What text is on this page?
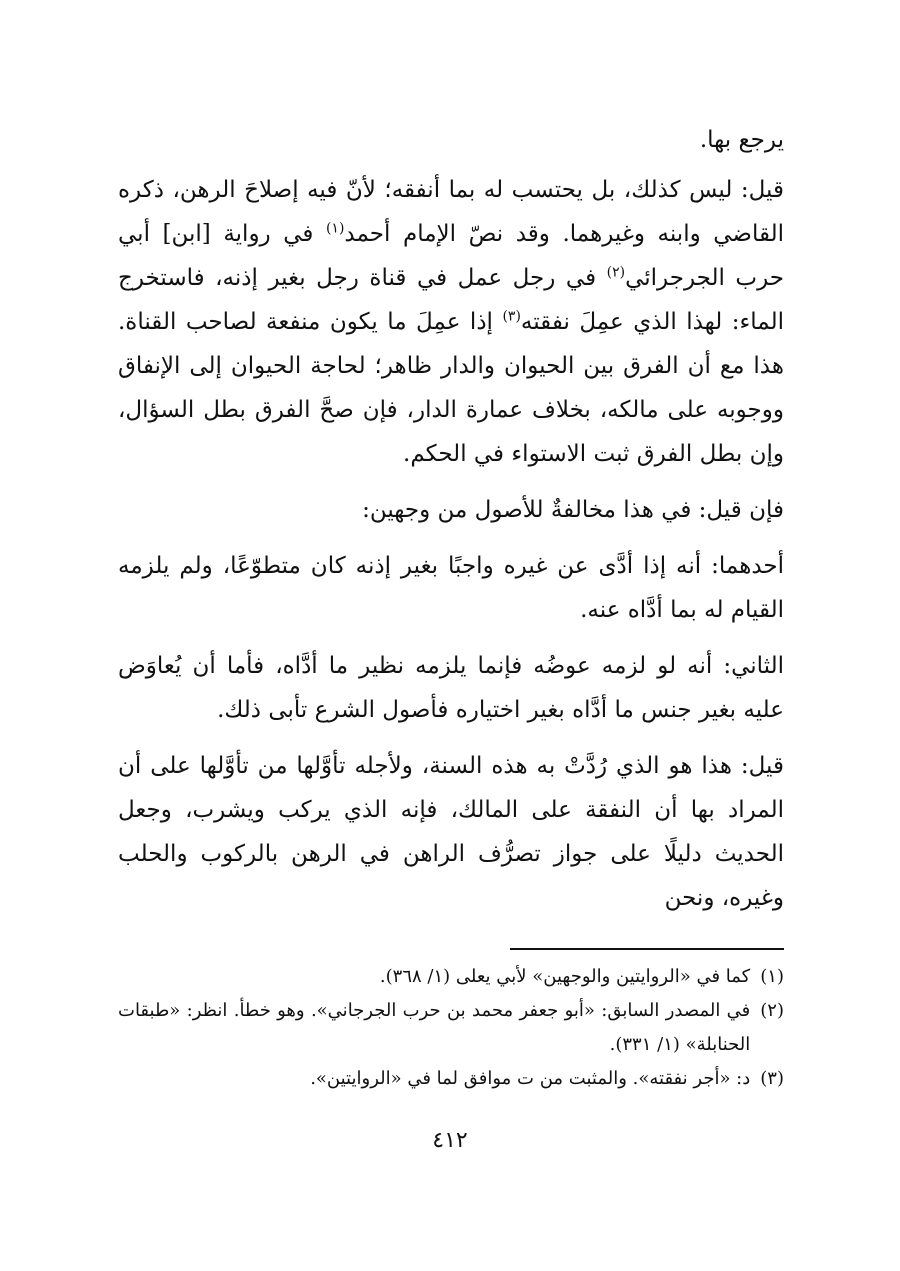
يرجع بها.

قيل: ليس كذلك، بل يحتسب له بما أنفقه؛ لأنّ فيه إصلاحَ الرهن، ذكره القاضي وابنه وغيرهما. وقد نصّ الإمام أحمد$^{(١)}$ في رواية [ابن] أبي حرب الجرجرائي$^{(٢)}$ في رجل عمل في قناة رجل بغير إذنه، فاستخرج الماء: لهذا الذي عمِلَ نفقته$^{(٣)}$ إذا عمِلَ ما يكون منفعة لصاحب القناة. هذا مع أن الفرق بين الحيوان والدار ظاهر؛ لحاجة الحيوان إلى الإنفاق ووجوبه على مالكه، بخلاف عمارة الدار، فإن صحَّ الفرق بطل السؤال، وإن بطل الفرق ثبت الاستواء في الحكم.

فإن قيل: في هذا مخالفةٌ للأصول من وجهين:

أحدهما: أنه إذا أدَّى عن غيره واجبًا بغير إذنه كان متطوّعًا، ولم يلزمه القيام له بما أدَّاه عنه.

الثاني: أنه لو لزمه عوضُه فإنما يلزمه نظير ما أدَّاه، فأما أن يُعاوَض عليه بغير جنس ما أدَّاه بغير اختياره فأصول الشرع تأبى ذلك.

قيل: هذا هو الذي رُدَّتْ به هذه السنة، ولأجله تأوَّلها من تأوَّلها على أن المراد بها أن النفقة على المالك، فإنه الذي يركب ويشرب، وجعل الحديث دليلًا على جواز تصرُّف الراهن في الرهن بالركوب والحلب وغيره، ونحن

(١)
كما في «الروايتين والوجهين» لأبي يعلى (١/ ٣٦٨).
(٢)
في المصدر السابق: «أبو جعفر محمد بن حرب الجرجاني». وهو خطأ. انظر: «طبقات الحنابلة» (١/ ٣٣١).
(٣)
د: «أجر نفقته». والمثبت من ت موافق لما في «الروايتين».
٤١٢
